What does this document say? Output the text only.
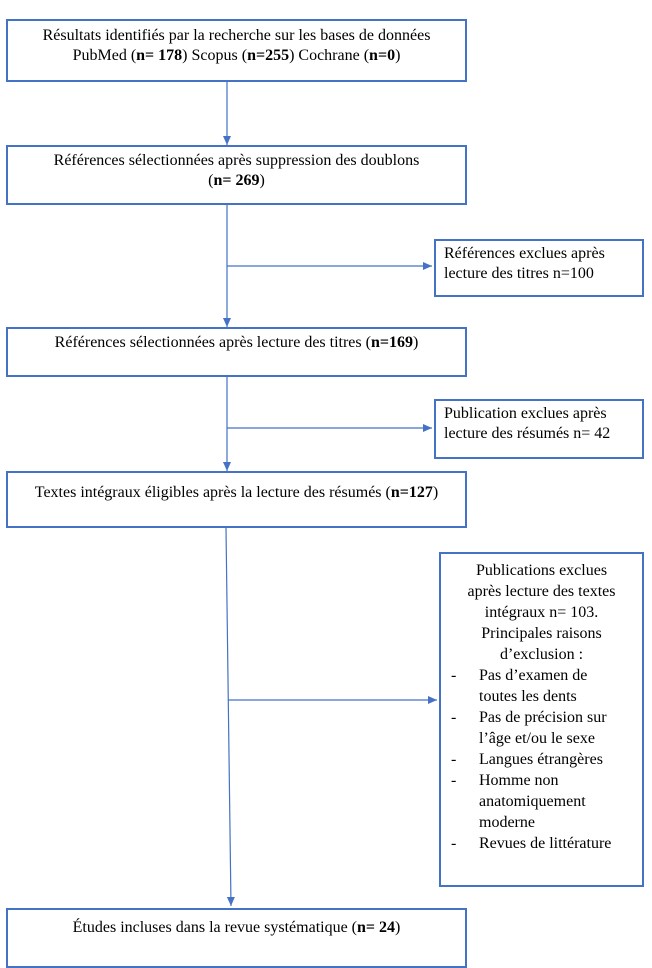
Résultats identifiés par la recherche sur les bases de données
PubMed (n= 178) Scopus (n=255) Cochrane (n=0)
Références sélectionnées après suppression des doublons
(n= 269)
Références exclues après
lecture des titres n=100
Références sélectionnées après lecture des titres (n=169)
Publication exclues après
lecture des résumés n= 42
Textes intégraux éligibles après la lecture des résumés (n=127)
Publications exclues
après lecture des textes
intégraux n= 103.
Principales raisons
d’exclusion :
- Pas d’examen de
toutes les dents
- Pas de précision sur
l’âge et/ou le sexe
- Langues étrangères
- Homme non
anatomiquement
moderne
- Revues de littérature
Études incluses dans la revue systématique (n= 24)
